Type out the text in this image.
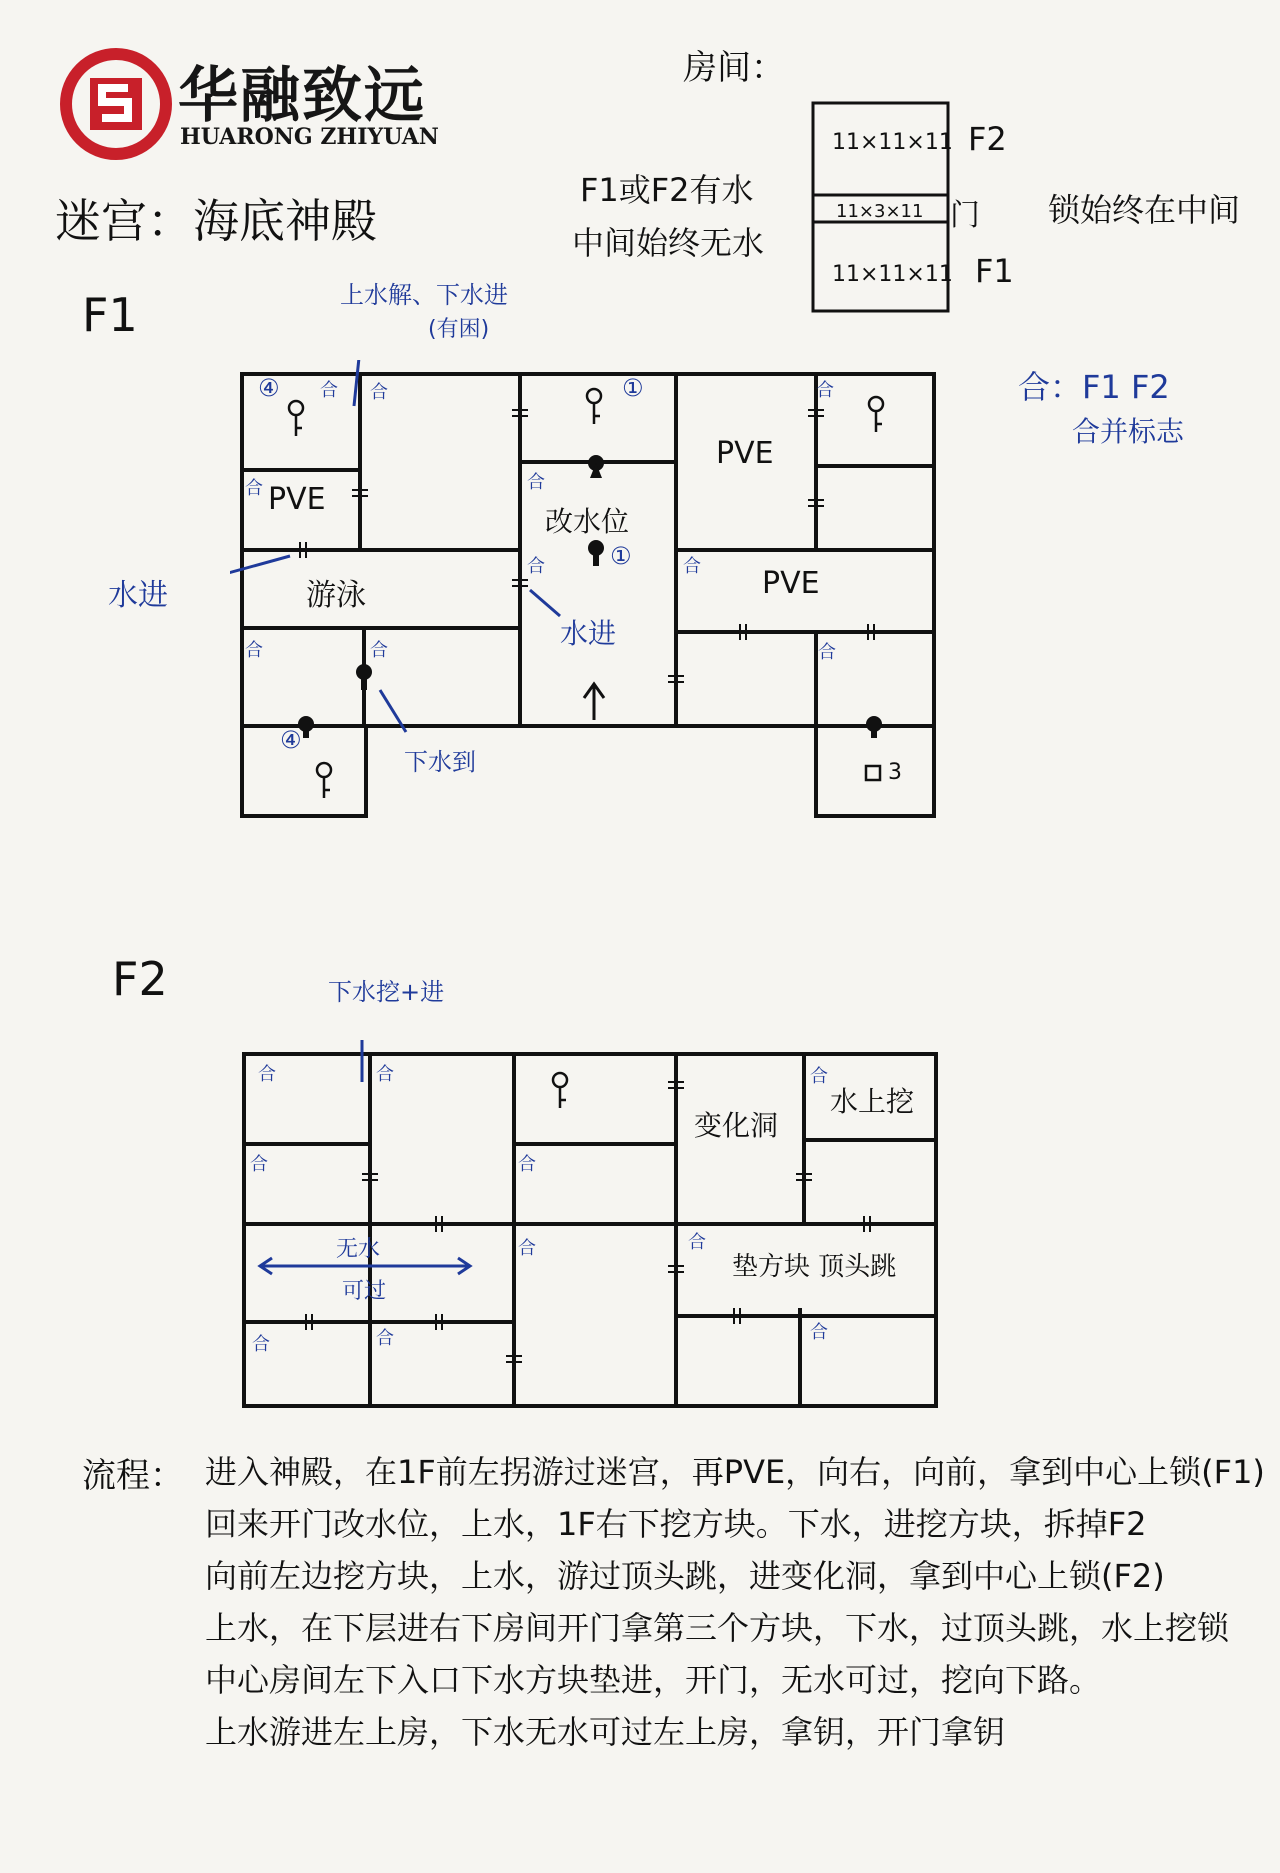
华融致远
HUARONG ZHIYUAN
迷宫：海底神殿
房间：
11×11×11
11×3×11
11×11×11
F2
门
F1
锁始终在中间
F1或F2有水
中间始终无水
合：F1 F2
合并标志
F1	上水解、下水进
(有困)
水进
水进
下水到
PVE
PVE
PVE
游泳
改水位
④
④
①
①
3
合 合
合	合
合
合	合
合	合	合
F2	下水挖+进
变化洞
水上挖
无水
可过
垫方块 顶头跳
合	合	合
合	合
合	合
合	合	合
流程： 进入神殿，在1F前左拐游过迷宫，再PVE，向右，向前，拿到中心上锁(F1)
回来开门改水位，上水，1F右下挖方块。下水，进挖方块，拆掉F2
向前左边挖方块，上水，游过顶头跳，进变化洞，拿到中心上锁(F2)
上水，在下层进右下房间开门拿第三个方块，下水，过顶头跳，水上挖锁
中心房间左下入口下水方块垫进，开门，无水可过，挖向下路。
上水游进左上房，下水无水可过左上房，拿钥，开门拿钥
